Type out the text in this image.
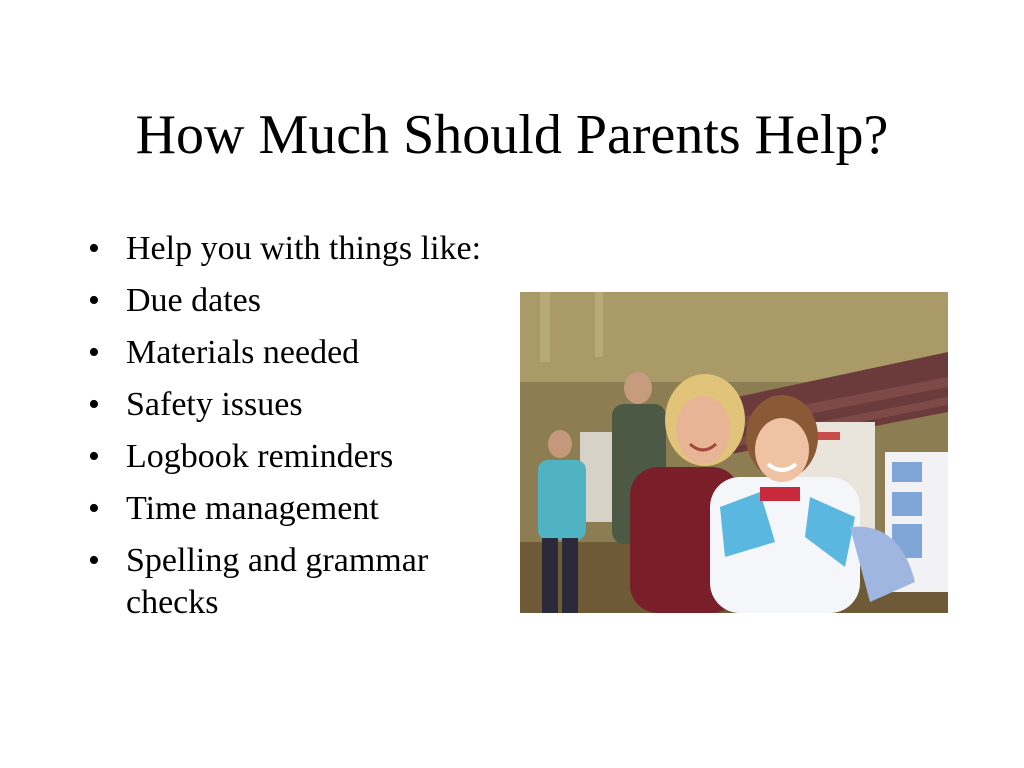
How Much Should Parents Help?
• Help you with things like:
• Due dates
• Materials needed
• Safety issues
• Logbook reminders
• Time management
• Spelling and grammar checks
